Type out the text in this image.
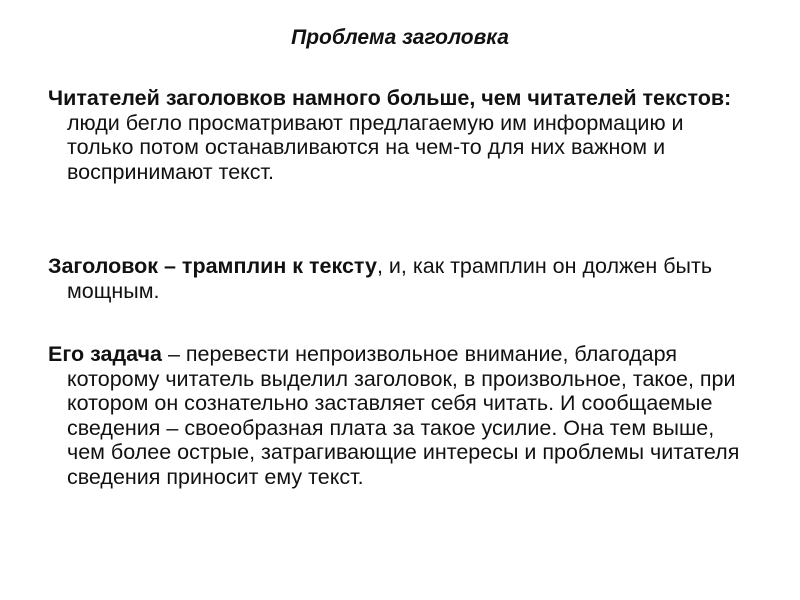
Проблема заголовка
Читателей заголовков намного больше, чем читателей текстов: люди бегло просматривают предлагаемую им информацию и только потом останавливаются на чем-то для них важном и воспринимают текст.
Заголовок – трамплин к тексту, и, как трамплин он должен быть мощным.
Его задача – перевести непроизвольное внимание, благодаря которому читатель выделил заголовок, в произвольное, такое, при котором он сознательно заставляет себя читать. И сообщаемые сведения – своеобразная плата за такое усилие. Она тем выше, чем более острые, затрагивающие интересы и проблемы читателя сведения приносит ему текст.
